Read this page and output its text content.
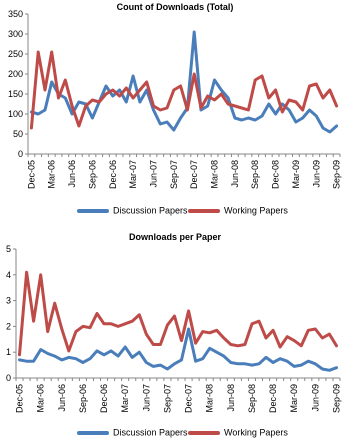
Count of Downloads (Total)
0
50
100
150
200
250
300
350
Dec-05 Mar-06 Jun-06 Sep-06 Dec-06 Mar-07 Jun-07 Sep-07 Dec-07 Mar-08 Jun-08 Sep-08 Dec-08 Mar-09 Jun-09 Sep-09
Discussion Papers	Working Papers
Downloads per Paper
0
1
2
3
4
5
Dec-05 Mar-06 Jun-06 Sep-06 Dec-06 Mar-07 Jun-07 Sep-07 Dec-07 Mar-08 Jun-08 Sep-08 Dec-08 Mar-09 Jun-09 Sep-09
Discussion Papers	Working Papers
